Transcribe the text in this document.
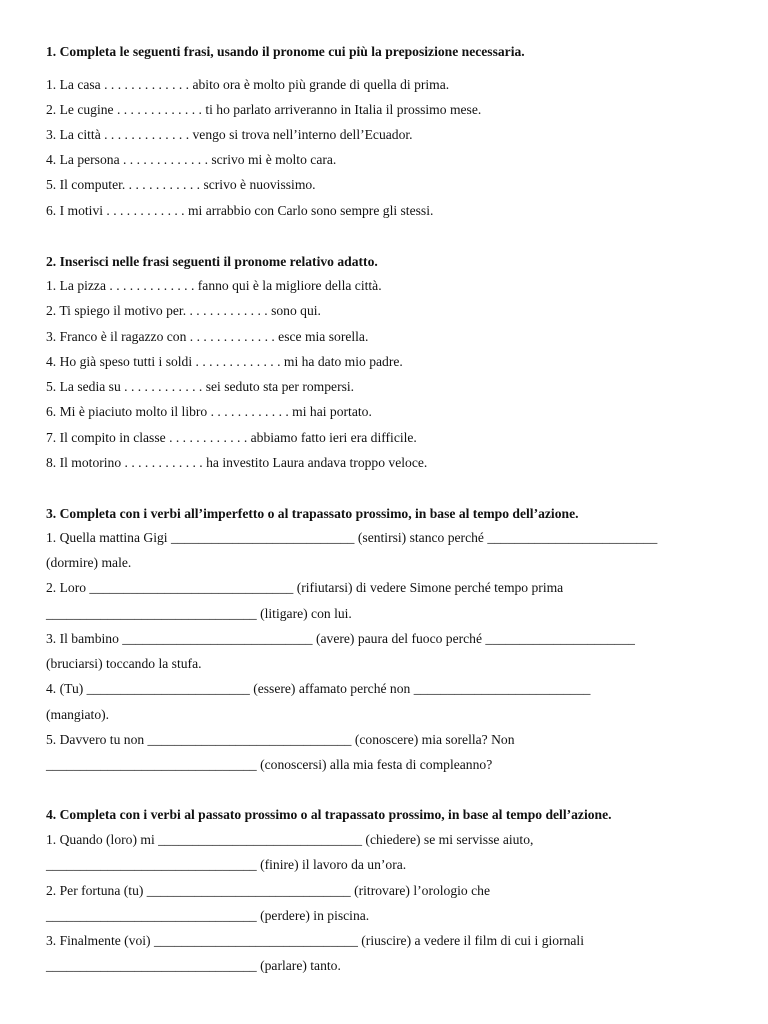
1. Completa le seguenti frasi, usando il pronome cui più la preposizione necessaria.
1. La casa . . . . . . . . . . . . . abito ora è molto più grande di quella di prima.
2. Le cugine . . . . . . . . . . . . . ti ho parlato arriveranno in Italia il prossimo mese.
3. La città . . . . . . . . . . . . . vengo si trova nell’interno dell’Ecuador.
4. La persona . . . . . . . . . . . . . scrivo mi è molto cara.
5. Il computer. . . . . . . . . . . . scrivo è nuovissimo.
6. I motivi . . . . . . . . . . . . mi arrabbio con Carlo sono sempre gli stessi.
2. Inserisci nelle frasi seguenti il pronome relativo adatto.
1. La pizza . . . . . . . . . . . . . fanno qui è la migliore della città.
2. Ti spiego il motivo per. . . . . . . . . . . . . sono qui.
3. Franco è il ragazzo con . . . . . . . . . . . . . esce mia sorella.
4. Ho già speso tutti i soldi . . . . . . . . . . . . . mi ha dato mio padre.
5. La sedia su . . . . . . . . . . . . sei seduto sta per rompersi.
6. Mi è piaciuto molto il libro . . . . . . . . . . . . mi hai portato.
7. Il compito in classe . . . . . . . . . . . . abbiamo fatto ieri era difficile.
8. Il motorino . . . . . . . . . . . . ha investito Laura andava troppo veloce.
3. Completa con i verbi all’imperfetto o al trapassato prossimo, in base al tempo dell’azione.
1. Quella mattina Gigi ___________________________ (sentirsi) stanco perché _________________________
(dormire) male.
2. Loro ______________________________ (rifiutarsi) di vedere Simone perché tempo prima
_______________________________ (litigare) con lui.
3. Il bambino ____________________________ (avere) paura del fuoco perché ______________________
(bruciarsi) toccando la stufa.
4. (Tu) ________________________ (essere) affamato perché non __________________________
(mangiato).
5. Davvero tu non ______________________________ (conoscere) mia sorella? Non
_______________________________ (conoscersi) alla mia festa di compleanno?
4. Completa con i verbi al passato prossimo o al trapassato prossimo, in base al tempo dell’azione.
1. Quando (loro) mi ______________________________ (chiedere) se mi servisse aiuto,
_______________________________ (finire) il lavoro da un’ora.
2. Per fortuna (tu) ______________________________ (ritrovare) l’orologio che
_______________________________ (perdere) in piscina.
3. Finalmente (voi) ______________________________ (riuscire) a vedere il film di cui i giornali
_______________________________ (parlare) tanto.
